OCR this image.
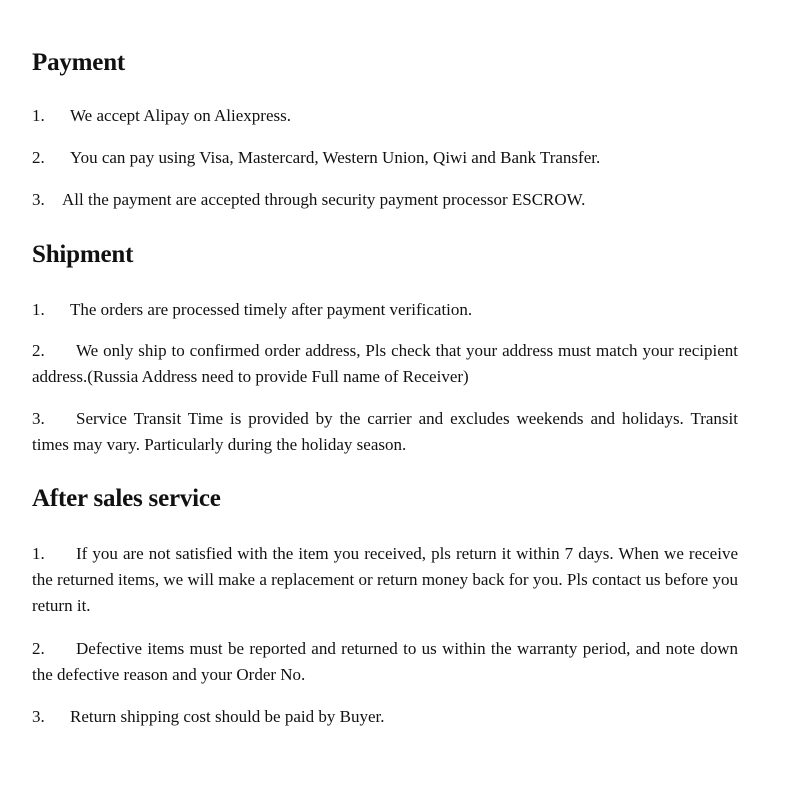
Payment

1. We accept Alipay on Aliexpress.

2. You can pay using Visa, Mastercard, Western Union, Qiwi and Bank Transfer.

3. All the payment are accepted through security payment processor ESCROW.

Shipment

1. The orders are processed timely after payment verification.

2. We only ship to confirmed order address, Pls check that your address must match your recipient address.(Russia Address need to provide Full name of Receiver)

3. Service Transit Time is provided by the carrier and excludes weekends and holidays. Transit times may vary. Particularly during the holiday season.

After sales service

1. If you are not satisfied with the item you received, pls return it within 7 days. When we receive the returned items, we will make a replacement or return money back for you. Pls contact us before you return it.

2. Defective items must be reported and returned to us within the warranty period, and note down the defective reason and your Order No.

3. Return shipping cost should be paid by Buyer.
